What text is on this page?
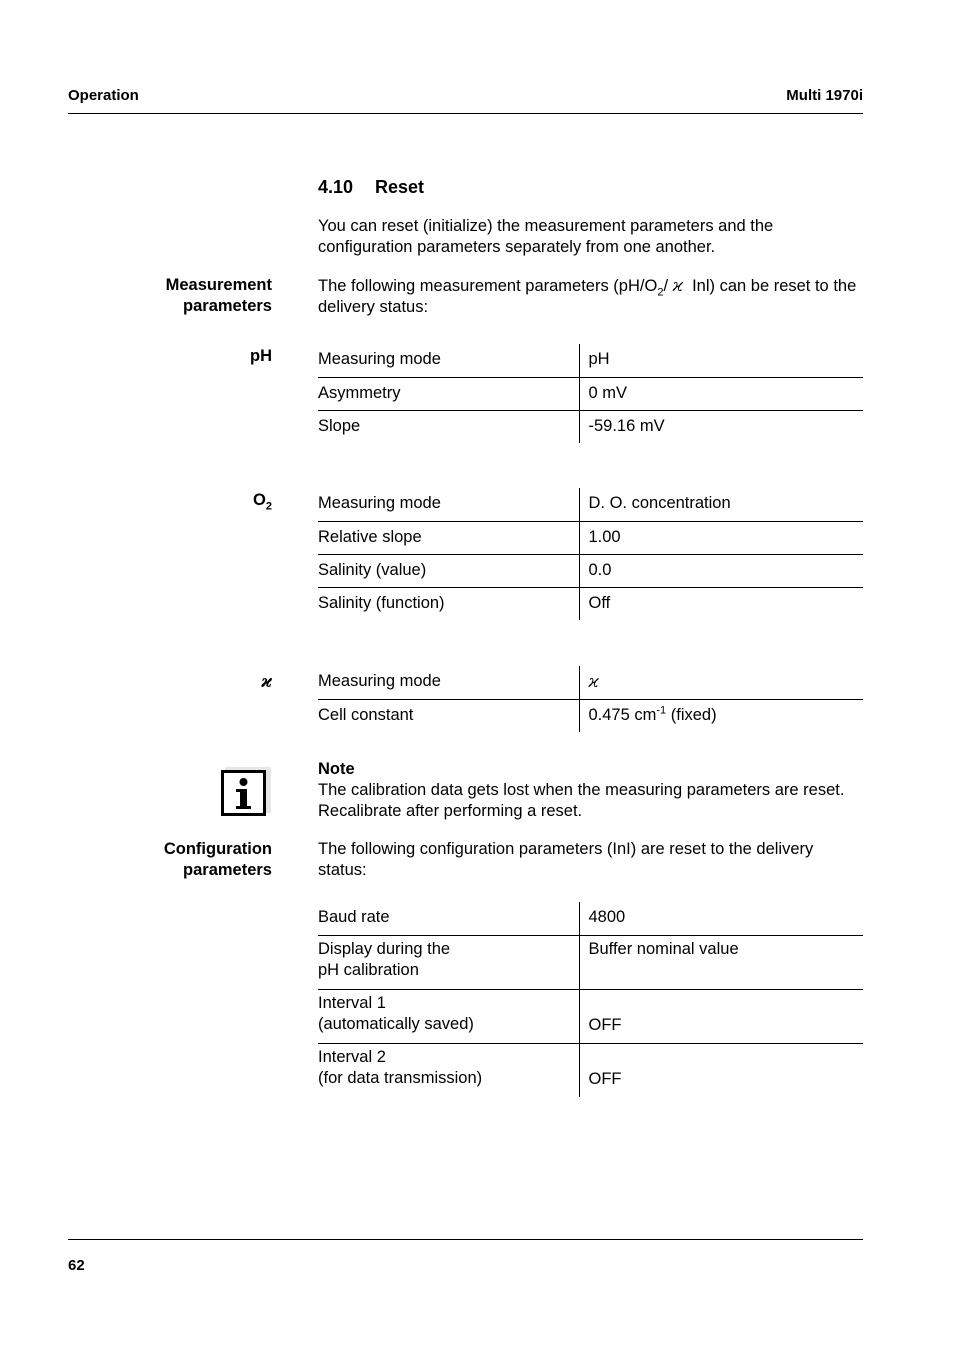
Operation	Multi 1970i
4.10 Reset
You can reset (initialize) the measurement parameters and the configuration parameters separately from one another.
Measurement
parameters
The following measurement parameters ($pH/O_2/$ ϰ  Inl) can be reset to the delivery status:
pH	Measuring mode	pH
Asymmetry	0 mV
Slope	-59.16 mV
$O_2$	Measuring mode	D. O. concentration
Relative slope	1.00
Salinity (value)	0.0
Salinity (function)	Off
ϰ	Measuring mode	ϰ
Cell constant	0.475 $cm^{-1}$ (fixed)
Note
The calibration data gets lost when the measuring parameters are reset. Recalibrate after performing a reset.
Configuration
parameters
The following configuration parameters (InI) are reset to the delivery status:
Baud rate	4800

Display during the
pH calibration	Buffer nominal value

Interval 1
(automatically saved)	OFF

Interval 2
(for data transmission)	OFF
62
